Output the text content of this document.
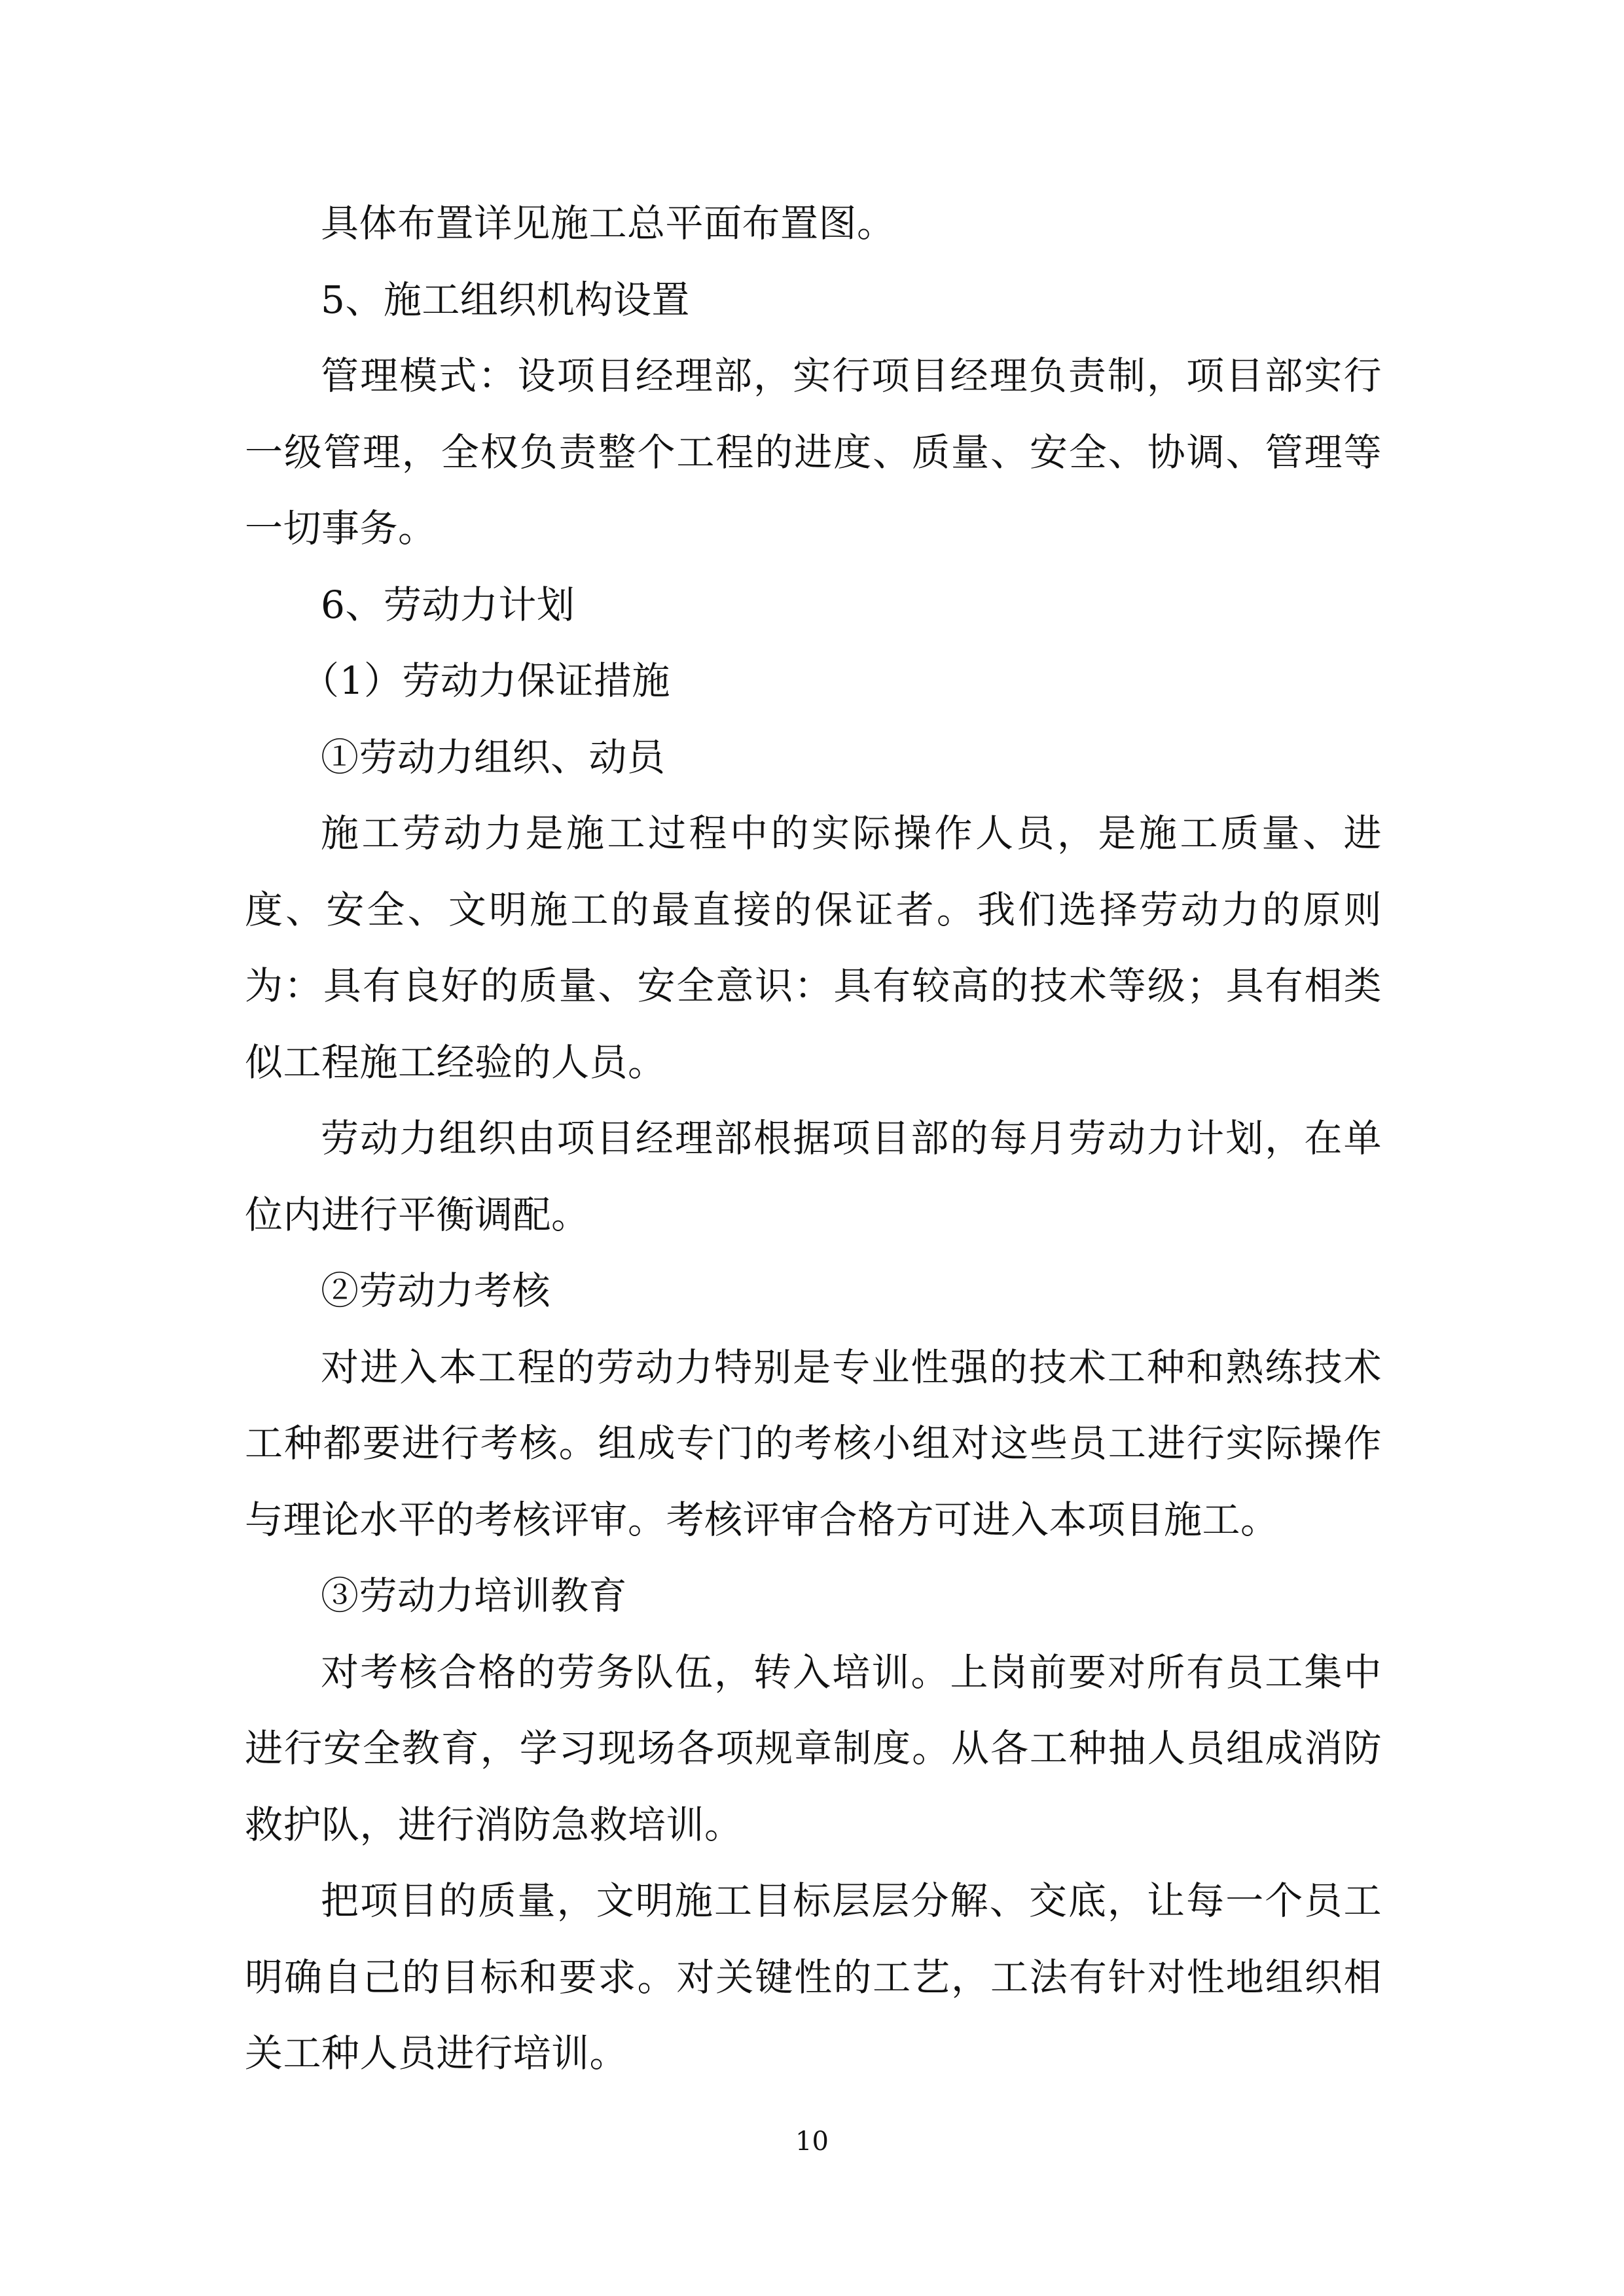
具体布置详见施工总平面布置图。

5、施工组织机构设置

管理模式：设项目经理部，实行项目经理负责制，项目部实行一级管理，全权负责整个工程的进度、质量、安全、协调、管理等一切事务。

6、劳动力计划

（1）劳动力保证措施

①劳动力组织、动员

施工劳动力是施工过程中的实际操作人员，是施工质量、进度、安全、文明施工的最直接的保证者。我们选择劳动力的原则为：具有良好的质量、安全意识：具有较高的技术等级；具有相类似工程施工经验的人员。

劳动力组织由项目经理部根据项目部的每月劳动力计划，在单位内进行平衡调配。

②劳动力考核

对进入本工程的劳动力特别是专业性强的技术工种和熟练技术工种都要进行考核。组成专门的考核小组对这些员工进行实际操作与理论水平的考核评审。考核评审合格方可进入本项目施工。

③劳动力培训教育

对考核合格的劳务队伍，转入培训。上岗前要对所有员工集中进行安全教育，学习现场各项规章制度。从各工种抽人员组成消防救护队，进行消防急救培训。

把项目的质量，文明施工目标层层分解、交底，让每一个员工明确自己的目标和要求。对关键性的工艺，工法有针对性地组织相关工种人员进行培训。

10
